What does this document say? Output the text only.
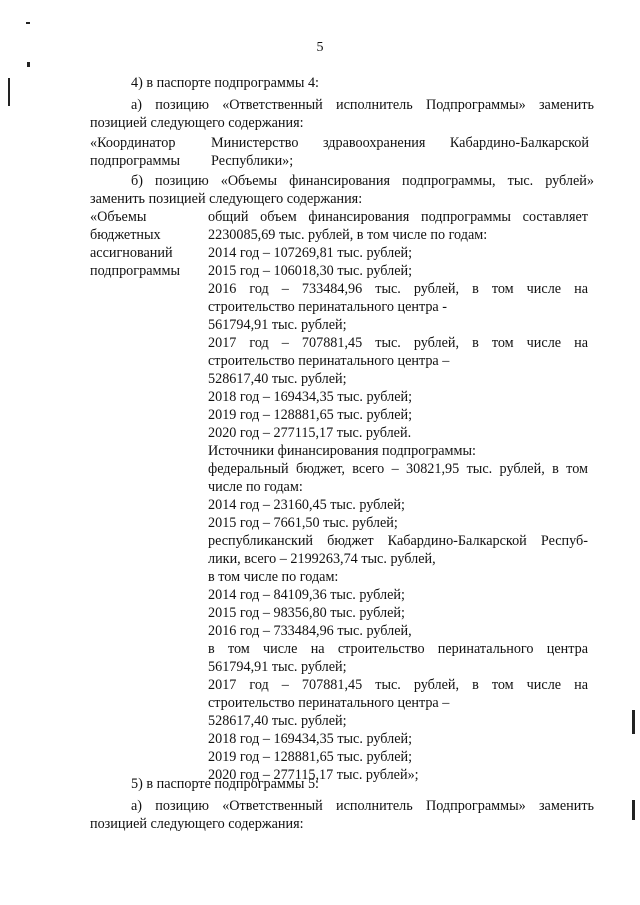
5
4) в паспорте подпрограммы 4:
а) позицию «Ответственный исполнитель Подпрограммы» заменить
позицией следующего содержания:
«Координатор
подпрограммы
Министерство здравоохранения Кабардино-Балкарской
Республики»;
б) позицию «Объемы финансирования подпрограммы, тыс. рублей»
заменить позицией следующего содержания:
«Объемы
бюджетных
ассигнований
подпрограммы
общий объем финансирования подпрограммы составляет
2230085,69 тыс. рублей, в том числе по годам:
2014 год – 107269,81 тыс. рублей;
2015 год – 106018,30 тыс. рублей;
2016 год – 733484,96 тыс. рублей, в том числе на
строительство перинатального центра -
561794,91 тыс. рублей;
2017 год – 707881,45 тыс. рублей, в том числе на
строительство перинатального центра –
528617,40 тыс. рублей;
2018 год – 169434,35 тыс. рублей;
2019 год – 128881,65 тыс. рублей;
2020 год – 277115,17 тыс. рублей.
Источники финансирования подпрограммы:
федеральный бюджет, всего – 30821,95 тыс. рублей, в том
числе по годам:
2014 год – 23160,45 тыс. рублей;
2015 год – 7661,50 тыс. рублей;
республиканский бюджет Кабардино-Балкарской Респуб-
лики, всего – 2199263,74 тыс. рублей,
в том числе по годам:
2014 год – 84109,36 тыс. рублей;
2015 год – 98356,80 тыс. рублей;
2016 год – 733484,96 тыс. рублей,
в том числе на строительство перинатального центра
561794,91 тыс. рублей;
2017 год – 707881,45 тыс. рублей, в том числе на
строительство перинатального центра –
528617,40 тыс. рублей;
2018 год – 169434,35 тыс. рублей;
2019 год – 128881,65 тыс. рублей;
2020 год – 277115,17 тыс. рублей»;
5) в паспорте подпрограммы 5:
а) позицию «Ответственный исполнитель Подпрограммы» заменить
позицией следующего содержания:
